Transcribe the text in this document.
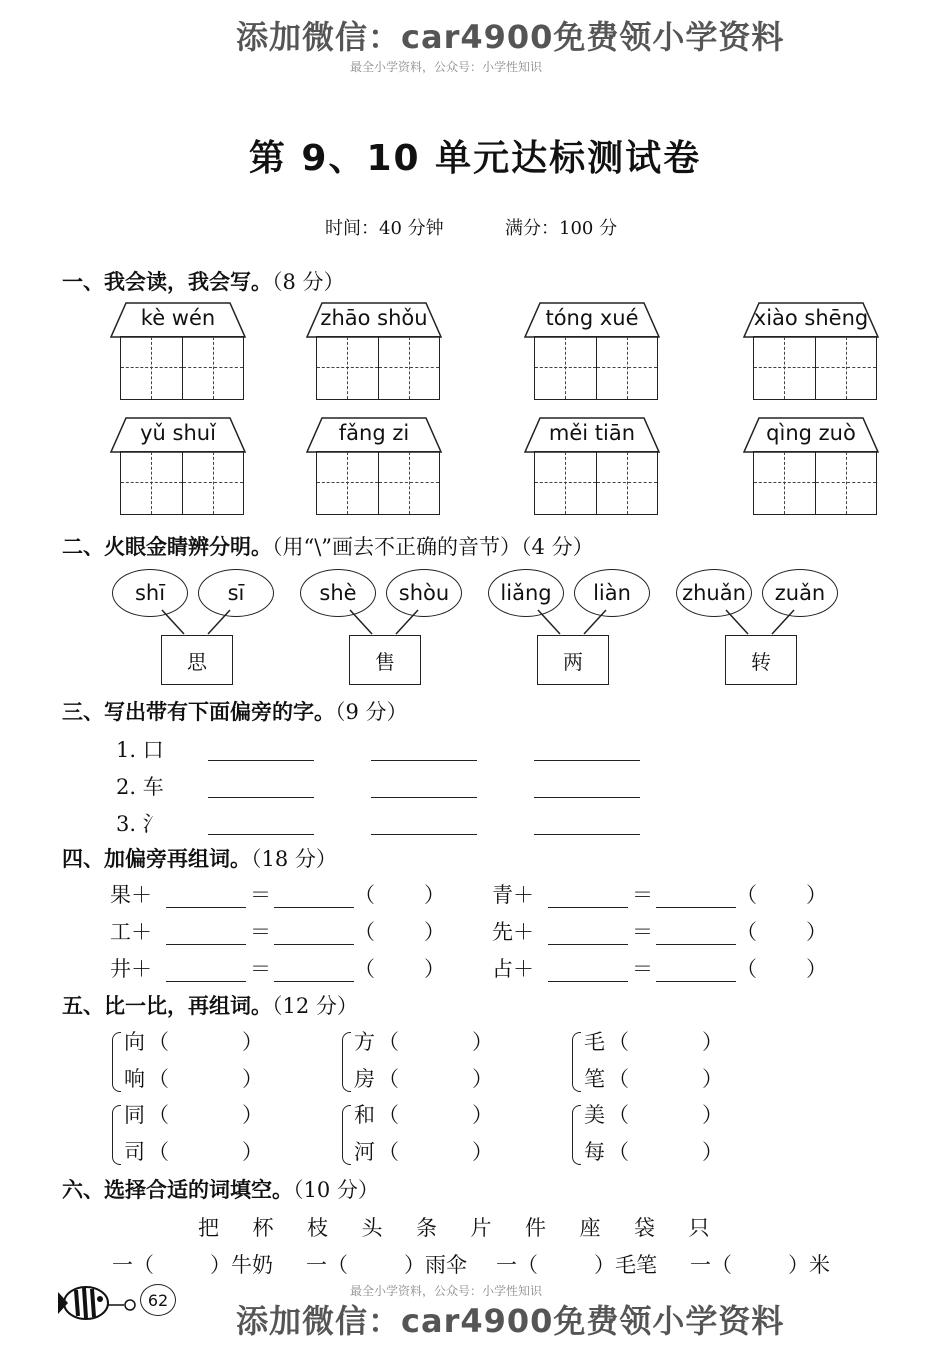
添加微信：car4900免费领小学资料
最全小学资料，公众号：小学性知识
第 9、10 单元达标测试卷
时间：40 分钟	满分：100 分
一、我会读，我会写。（8 分）
kè wén	zhāo shǒu	tóng xué	xiào shēng
yǔ shuǐ	fǎng zi	měi tiān	qìng zuò
二、火眼金睛辨分明。（用“\”画去不正确的音节）（4 分）
shī	sī
思
shè	shòu
售
liǎng	liàn
两
zhuǎn	zuǎn
转
三、写出带有下面偏旁的字。（9 分）
1. 口
2. 车
3. 氵
四、加偏旁再组词。（18 分）
果＋	＝	（ ） 青＋	＝	（ ）
工＋	＝	（ ） 先＋	＝	（ ）
井＋	＝	（ ） 占＋	＝	（ ）
五、比一比，再组词。（12 分）
向 （	）
响 （	）
方 （	）
房 （	）
毛 （	）
笔 （	）
同 （	）
司 （	）
和 （	）
河 （	）
美 （	）
每 （	）
六、选择合适的词填空。（10 分）
把 杯 枝 头 条 片 件 座 袋 只
一（	）牛奶 一（	）雨伞 一（	）毛笔 一（	）米
62	最全小学资料，公众号：小学性知识
添加微信：car4900免费领小学资料
